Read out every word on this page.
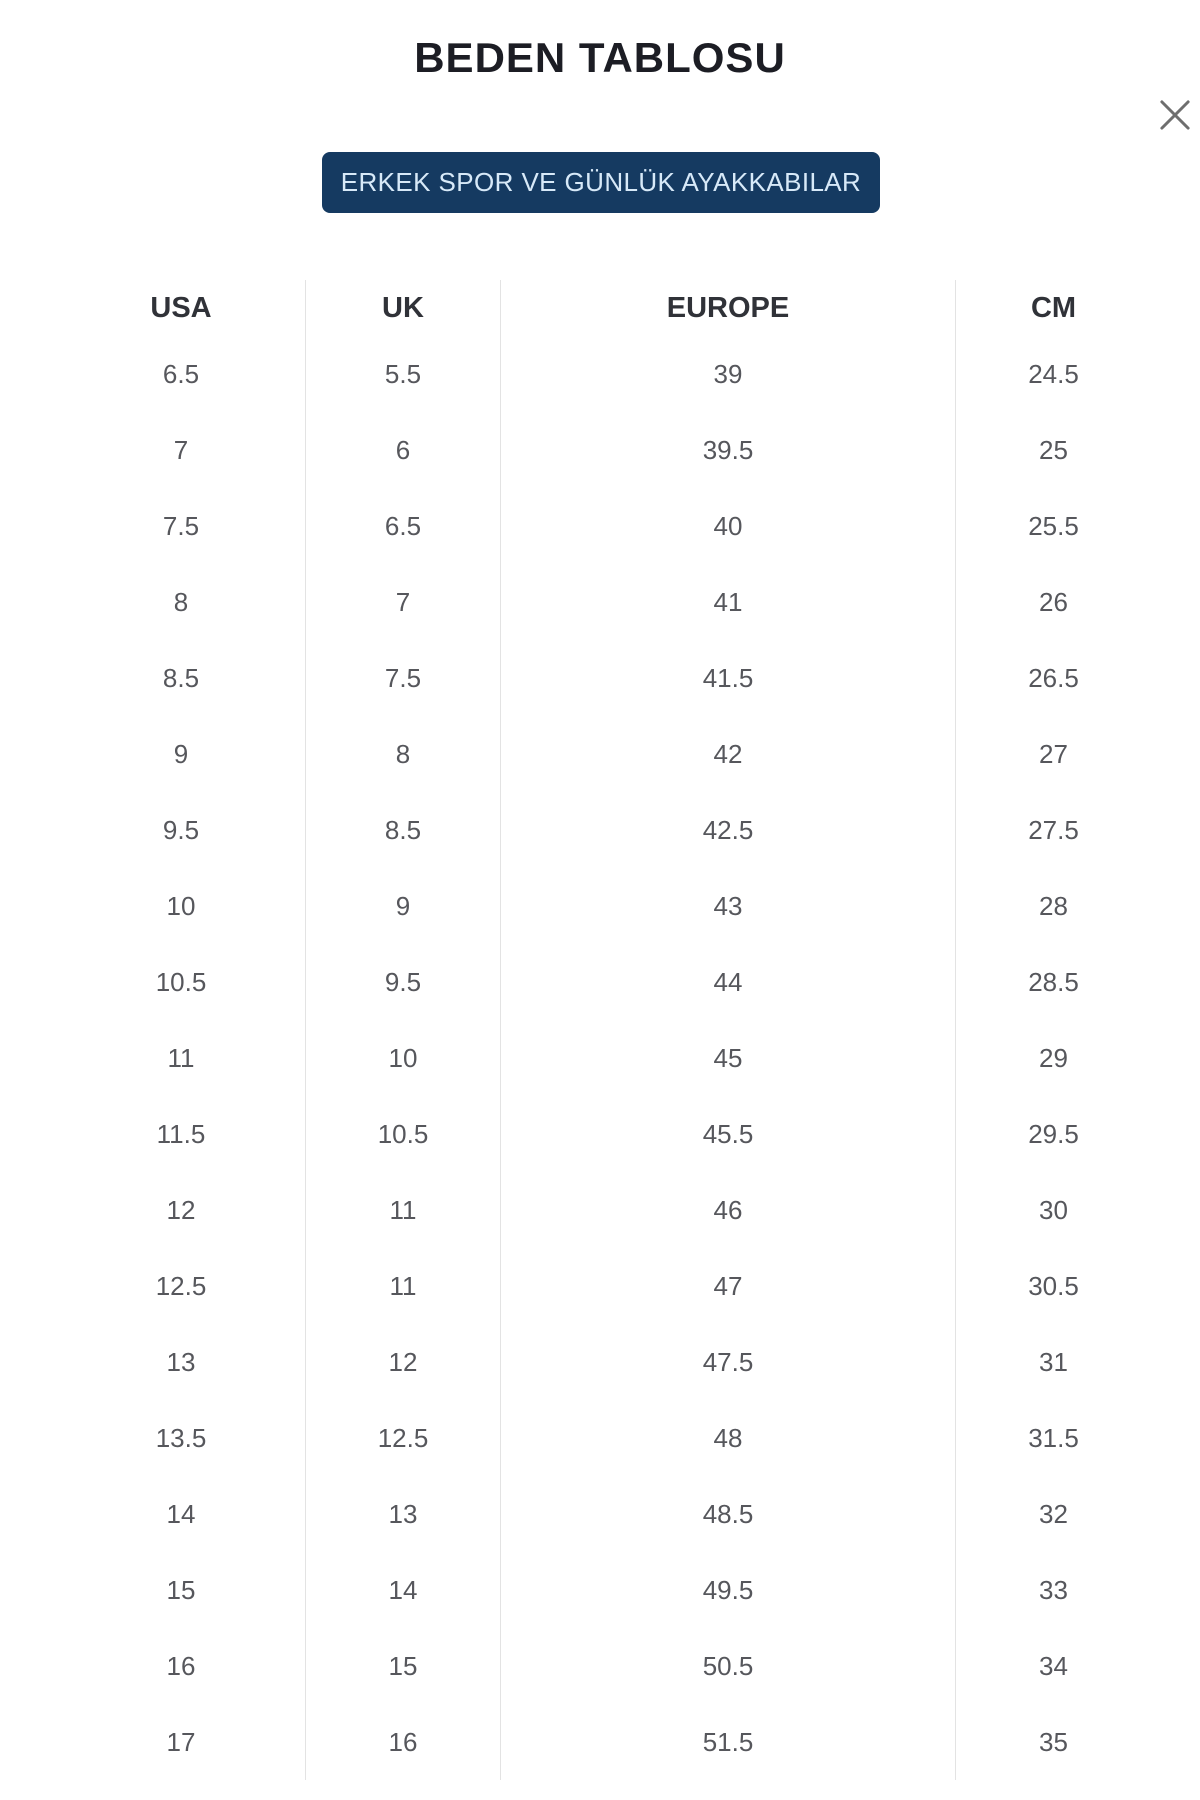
BEDEN TABLOSU
ERKEK SPOR VE GÜNLÜK AYAKKABILAR
USA	UK	EUROPE	CM
6.5	5.5	39	24.5
7	6	39.5	25
7.5	6.5	40	25.5
8	7	41	26
8.5	7.5	41.5	26.5
9	8	42	27
9.5	8.5	42.5	27.5
10	9	43	28
10.5	9.5	44	28.5
11	10	45	29
11.5	10.5	45.5	29.5
12	11	46	30
12.5	11	47	30.5
13	12	47.5	31
13.5	12.5	48	31.5
14	13	48.5	32
15	14	49.5	33
16	15	50.5	34
17	16	51.5	35
